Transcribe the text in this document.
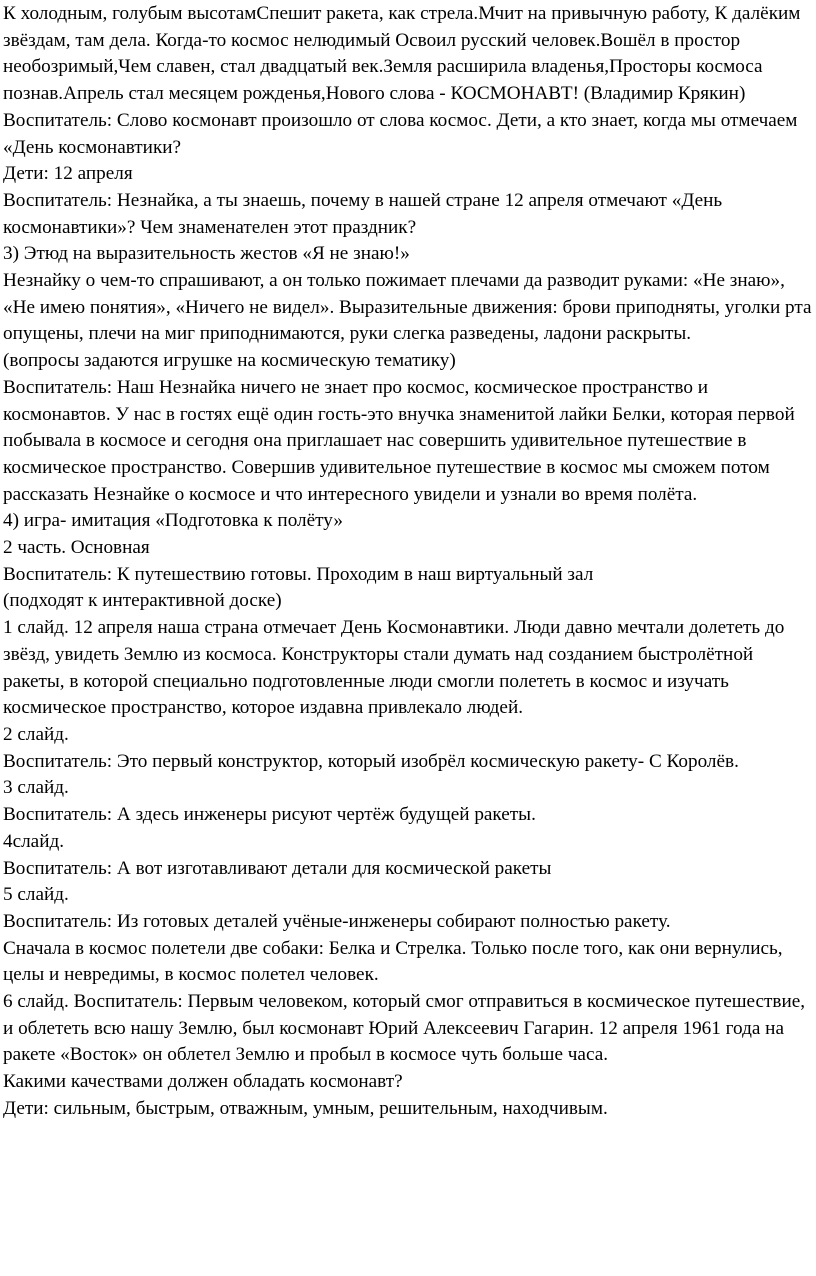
К холодным, голубым высотамСпешит ракета, как стрела.Мчит на привычную работу, К далёким звёздам, там дела. Когда-то космос нелюдимый Освоил русский человек.Вошёл в простор необозримый,Чем славен, стал двадцатый век.Земля расширила владенья,Просторы космоса познав.Апрель стал месяцем рожденья,Нового слова - КОСМОНАВТ! (Владимир Крякин)

Воспитатель: Слово космонавт произошло от слова космос. Дети, а кто знает, когда мы отмечаем «День космонавтики?

Дети: 12 апреля

Воспитатель: Незнайка, а ты знаешь, почему в нашей стране 12 апреля отмечают «День космонавтики»? Чем знаменателен этот праздник?

3) Этюд на выразительность жестов «Я не знаю!»

Незнайку о чем-то спрашивают, а он только пожимает плечами да разводит руками: «Не знаю», «Не имею понятия», «Ничего не видел». Выразительные движения: брови приподняты, уголки рта опущены, плечи на миг приподнимаются, руки слегка разведены, ладони раскрыты.

(вопросы задаются игрушке на космическую тематику)

Воспитатель: Наш Незнайка ничего не знает про космос, космическое пространство и космонавтов. У нас в гостях ещё один гость-это внучка знаменитой лайки Белки, которая первой побывала в космосе и сегодня она приглашает нас совершить удивительное путешествие в космическое пространство. Совершив удивительное путешествие в космос мы сможем потом рассказать Незнайке о космосе и что интересного увидели и узнали во время полёта.

4) игра- имитация «Подготовка к полёту»

2 часть. Основная

Воспитатель: К путешествию готовы. Проходим в наш виртуальный зал

(подходят к интерактивной доске)

1 слайд. 12 апреля наша страна отмечает День Космонавтики. Люди давно мечтали долететь до звёзд, увидеть Землю из космоса. Конструкторы стали думать над созданием быстролётной ракеты, в которой специально подготовленные люди смогли полететь в космос и изучать космическое пространство, которое издавна привлекало людей.

2 слайд.

Воспитатель: Это первый конструктор, который изобрёл космическую ракету- С Королёв.

3 слайд.

Воспитатель: А здесь инженеры рисуют чертёж будущей ракеты.

4слайд.

Воспитатель: А вот изготавливают детали для космической ракеты

5 слайд.

Воспитатель: Из готовых деталей учёные-инженеры собирают полностью ракету.

Сначала в космос полетели две собаки: Белка и Стрелка. Только после того, как они вернулись, целы и невредимы, в космос полетел человек.

6 слайд. Воспитатель: Первым человеком, который смог отправиться в космическое путешествие, и облететь всю нашу Землю, был космонавт Юрий Алексеевич Гагарин. 12 апреля 1961 года на ракете «Восток» он облетел Землю и пробыл в космосе чуть больше часа.

Какими качествами должен обладать космонавт?

Дети: сильным, быстрым, отважным, умным, решительным, находчивым.
